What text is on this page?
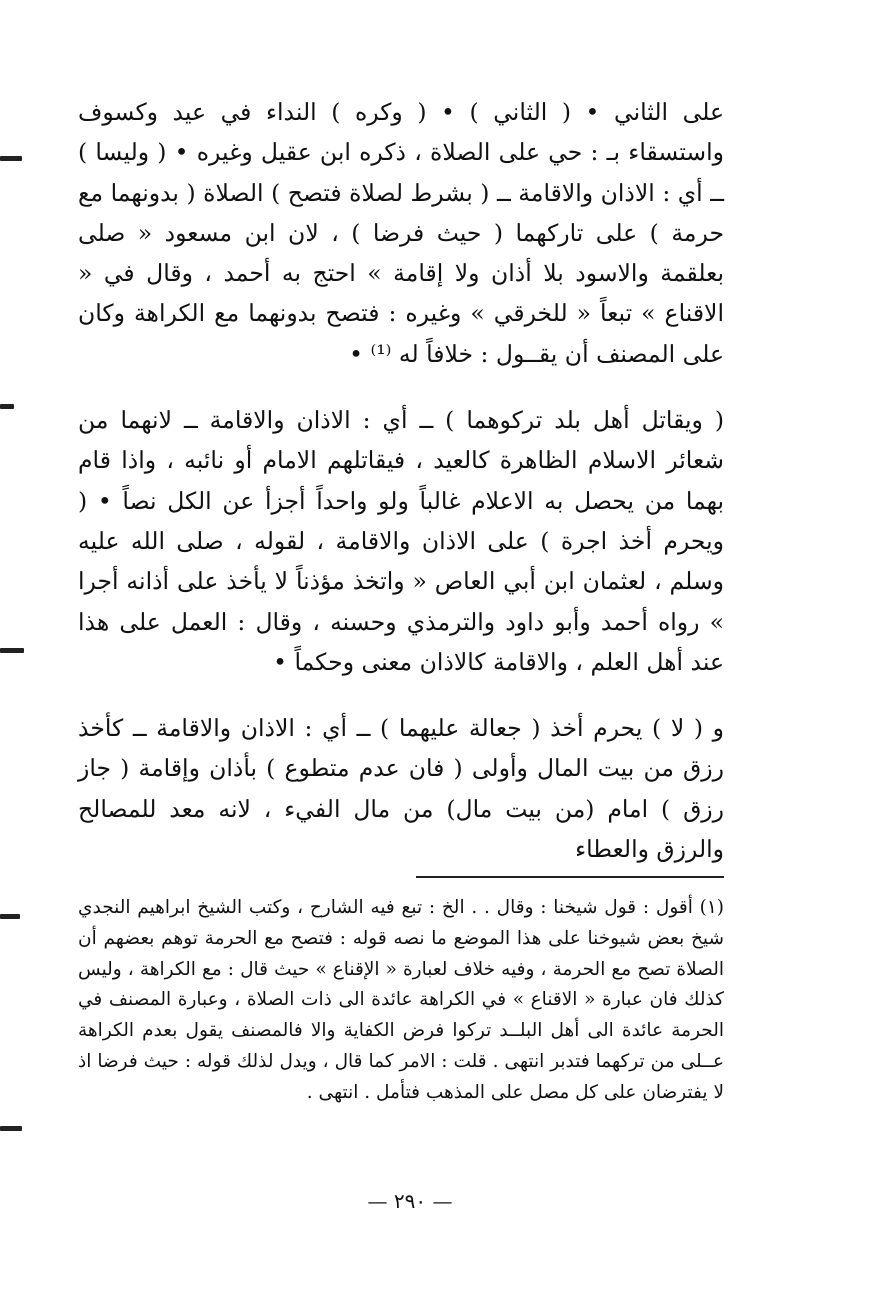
على الثاني • ( الثاني ) • ( وكره ) النداء في عيد وكسوف واستسقاء بـ : حي على الصلاة ، ذكره ابن عقيل وغيره • ( وليسا ) ــ أي : الاذان والاقامة ــ ( بشرط لصلاة فتصح ) الصلاة ( بدونهما مع حرمة ) على تاركهما ( حيث فرضا ) ، لان ابن مسعود « صلى بعلقمة والاسود بلا أذان ولا إقامة » احتج به أحمد ، وقال في « الاقناع » تبعاً « للخرقي » وغيره : فتصح بدونهما مع الكراهة وكان على المصنف أن يقــول : خلافاً له ⁽¹⁾ •

( ويقاتل أهل بلد تركوهما ) ــ أي : الاذان والاقامة ــ لانهما من شعائر الاسلام الظاهرة كالعيد ، فيقاتلهم الامام أو نائبه ، واذا قام بهما من يحصل به الاعلام غالباً ولو واحداً أجزأ عن الكل نصاً • ( ويحرم أخذ اجرة ) على الاذان والاقامة ، لقوله ، صلى الله عليه وسلم ، لعثمان ابن أبي العاص « واتخذ مؤذناً لا يأخذ على أذانه أجرا » رواه أحمد وأبو داود والترمذي وحسنه ، وقال : العمل على هذا عند أهل العلم ، والاقامة كالاذان معنى وحكماً •

و ( لا ) يحرم أخذ ( جعالة عليهما ) ــ أي : الاذان والاقامة ــ كأخذ رزق من بيت المال وأولى ( فان عدم متطوع ) بأذان وإقامة ( جاز رزق ) امام (من بيت مال) من مال الفيء ، لانه معد للمصالح والرزق والعطاء

(١) أقول : قول شيخنا : وقال . . الخ : تبع فيه الشارح ، وكتب الشيخ ابراهيم النجدي شيخ بعض شيوخنا على هذا الموضع ما نصه قوله : فتصح مع الحرمة توهم بعضهم أن الصلاة تصح مع الحرمة ، وفيه خلاف لعبارة « الإقناع » حيث قال : مع الكراهة ، وليس كذلك فان عبارة « الاقناع » في الكراهة عائدة الى ذات الصلاة ، وعبارة المصنف في الحرمة عائدة الى أهل البلــد تركوا فرض الكفاية والا فالمصنف يقول بعدم الكراهة عــلى من تركهما فتدبر انتهى . قلت : الامر كما قال ، ويدل لذلك قوله : حيث فرضا اذ لا يفترضان على كل مصل على المذهب فتأمل . انتهى .

— ٢٩٠ —
